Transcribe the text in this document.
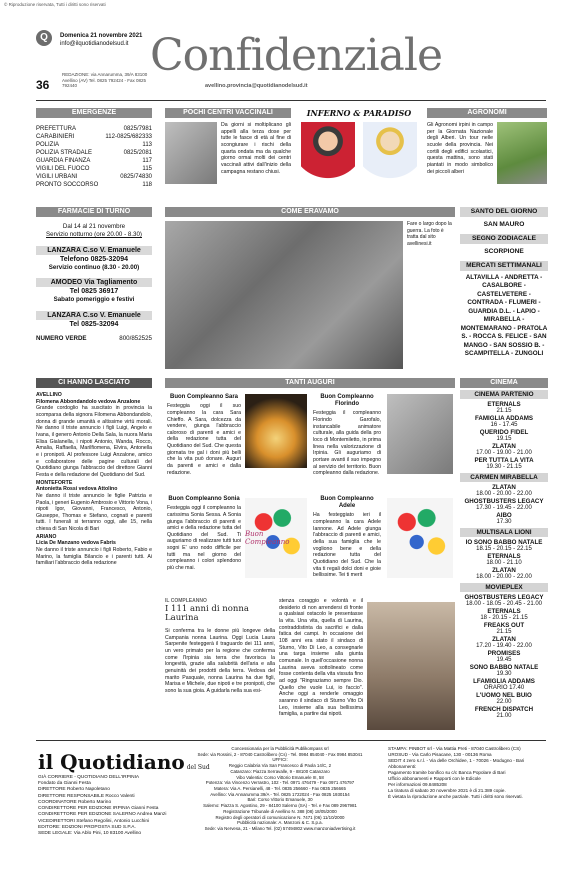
© Riproduzione riservata, Tutti i diritti sono riservati
Q	Domenica 21 novembre 2021
info@ilquotidianodelsud.it
36
Confidenziale
REDAZIONE: via Annarumma, 39/A 83100 Avellino (AV) Tel. 0825 792424 - Fax 0825 792440	avellino.provincia@quotidianodelsud.it
EMERGENZE
PREFETTURA	0825/7981
CARABINIERI	112-0825/682333
POLIZIA	113
POLIZIA STRADALE	0825/2081
GUARDIA FINANZA	117
VIGILI DEL FUOCO	115
VIGILI URBANI	0825/74830
PRONTO SOCCORSO	118
POCHI CENTRI VACCINALI
Da giorni si moltiplicano gli appelli alla terza dose per tutte le fasce di età al fine di scongiurare i rischi della quarta ondata ma da qualche giorno ormai molti dei centri vaccinali attivi dall'inizio della campagna restano chiusi.
INFERNO & PARADISO	AGRONOMI
Gli Agronomi irpini in campo per la Giornata Nazionale degli Alberi. Un tour nelle scuole della provincia. Nei cortili degli edifici scolastici, questa mattina, sono stati piantati in modo simbolico dei piccoli alberi
FARMACIE DI TURNO
Dal 14 al 21 novembre
Servizio notturno (ore 20.00 - 8.30)
LANZARA C.so V. Emanuele
Telefono 0825-32094
Servizio continuo (8.30 - 20.00)
AMODEO Via Tagliamento
Tel 0825 36917
Sabato pomeriggio e festivi
LANZARA C.so V. Emanuele
Tel 0825-32094
NUMERO VERDE	800/852525
COME ERAVAMO
Fare o largo dopo la guerra. La foto è tratta dal sito avellinesi.it
SANTO DEL GIORNO
SAN MAURO
SEGNO ZODIACALE
SCORPIONE
MERCATI SETTIMANALI
ALTAVILLA - ANDRETTA - CASALBORE - CASTELVETERE - CONTRADA - FLUMERI - GUARDIA D.L. - LAPIO - MIRABELLA - MONTEMARANO - PRATOLA S. - ROCCA S. FELICE - SAN MANGO - SAN SOSSIO B. - SCAMPITELLA - ZUNGOLI
CI HANNO LASCIATO
AVELLINO
Filomena Abbondandolo vedova Anzalone
Grande cordoglio ha suscitato in provincia la scomparsa della signora Filomena Abbondandolo, donna di grande umanità e altissime virtù morali. Ne danno il triste annuncio i figli Luigi, Angelo e Ivana, il genero Antonio Della Sala, la nuora Maria Elisa Gialanella, i nipoti Antonio, Wanda, Rocco, Amalia, Raffaella, Marilfiomena, Elvira, Antonella e i pronipoti. Al professore Luigi Anzalone, amico e collaboratore delle pagine culturali del Quotidiano giunga l'abbraccio del direttore Gianni Festa e della redazione del Quotidiano del Sud.
MONTEFORTE
Antonietta Rossi vedova Attolino
Ne danno il triste annuncio le figlie Patrizia e Paola, i generi Eugenio Ambrosio e Vittorio Vona, i nipoti Igor, Giovanni, Francesco, Antonio, Giuseppe, Thomas e Stefano, cognati e parenti tutti. I funerali si terranno oggi, alle 15, nella chiesa di San Nicola di Bari
ARIANO
Licia De Manzano vedova Fabris
Ne danno il triste annuncio i figli Roberto, Fabio e Marino, la famiglia Bilancio e i parenti tutti. Ai familiari l'abbraccio della redazione
TANTI AUGURI
Buon Compleanno Sara
Festeggia oggi il suo compleanno la cara Sara Chieffo. A Sara, dolcezza da vendere, giunga l'abbraccio caloroso di parenti e amici e della redazione tutta del Quotidiano del Sud. Che questa giornata tre gal i doni più belli che la vita può donare. Auguri da parenti e amici e dalla redazione.
Buon Compleanno Florindo
Festeggia il compleanno Florindo Garofalo, instancabile animatore culturale, alla guida della pro loco di Montemiletto, in prima linea nella valorizzazione di Irpinia. Gli auguriamo di portare avanti il suo impegno al servizio del territorio. Buon compleanno dalla redazione.
Buon Compleanno Sonia
Festeggia oggi il compleanno la carissima Sonia Sessa. A Sonia giunga l'abbraccio di parenti e amici e della redazione tutta del Quotidiano del Sud. Ti auguriamo di realizzare tutti tuoi sogni E' uno nodo difficile per tutti ma nel giorno del compleanno i colori splendono più che mai.
Buon Compleanno
Buon Compleanno Adele
Ha festeggiato ieri il compleanno la cara Adele Iannone. Ad Adele giunga l'abbraccio di parenti e amici, della sua famiglia che le vogliono bene e della redazione tutta del Quotidiano del Sud. Che la vita ti regali dolci doni e gioie bellissime. Tei ti merit
IL COMPLEANNO
I 111 anni di nonna Laurina
Si conferma tra le donne più longeve della Campania nonna Laurina. Oggi Lucia Laura Sarpenite festeggerà il traguardo dei 111 anni, un vero primato per la regione che conferma come l'Irpinia sia terra che favorisca la longevità, grazie alla salubrità dell'aria e alla genuinità dei prodotti della terra. Vedova del marito Pasquale, nonna Laurina ha due figli, Marisa e Michele, due nipoti e tre pronipoti, che sono la sua gioia. A guidarla nella sua esi-
stenza coraggio e volontà e il desiderio di non arrendersi di fronte a qualsiasi ostacolo le presentasse la vita. Una vita, quella di Laurina, contraddistinta da sacrifici e dalla fatica dei campi. In occasione dei 108 anni era stato il sindaco di Sturno, Vito Di Leo, a consegnarle una targa insieme alla giunta comunale. In quell'occasione nonna Laurina aveva sottolineato come fosse contenta della vita vissuta fino ad oggi "Ringraziamo sempre Dio. Quello che vuole Lui, io faccio". Anche oggi a renderle omaggio saranno il sindaco di Sturno Vito Di Leo, insieme alla sua bellissima famiglia, a partire dai nipoti.
CINEMA
CINEMA PARTENIO
ETERNALS
21.15
FAMIGLIA ADDAMS
16 - 17.45
QUERIDO FIDEL
19.15
ZLATAN
17.00 - 19.00 - 21.00
PER TUTTA LA VITA
19.30 - 21.15
CARMEN MIRABELLA
ZLATAN
18.00 - 20.00 - 22.00
GHOSTBUSTERS LEGACY
17.30 - 19.45 - 22.00
AIBO
17.30
MULTISALA LIONI
IO SONO BABBO NATALE
18.15 - 20.15 - 22.15
ETERNALS
18.00 - 21.10
ZLATAN
18.00 - 20.00 - 22.00
MOVIEPLEX
GHOSTBUSTERS LEGACY
18.00 - 18.05 - 20.45 - 21.00
ETERNALS
18 - 20.15 - 21.15
FREAKS OUT
21.15
ZLATAN
17.20 - 19.40 - 22.00
PROMISES
19.45
SONO BABBO NATALE
19.30
LFAMIGLIA ADDAMS
ORARIO 17.40
L'UOMO NEL BUIO
22.00
FRENCH DISPATCH
21.00
il Quotidiano del Sud
GIÀ CORRIERE - QUOTIDIANO DELL'IRPINIA
Fondato da Gianni Festa
DIRETTORE Roberto Napoletano
DIRETTORE RESPONSABILE Rocco Valenti
COORDINATORE Roberto Marino
CONDIRETTORE PER EDIZIONE IRPINIA Gianni Festa
CONDIRETTORE PER EDIZIONE SALERNO Andrea Manzi
VICEDIRETTORI Stefano Regolini, Antonio Lucchini
EDITORE: EDIZIONI PROPOSTA SUD S.P.A.
SEDE LEGALE: Via Ablo Pini, 10 83100 Avellino
Concessionaria per la Pubblicità Publikompass srl
Sede: via Rossini, 2 - 87040 Castrolibero (Cs) - Tel. 0984 854040 - Fax 0984 853041
UFFICI:
Reggio Calabria Via San Francesco di Paola 14/C, 2
Catanzaro: Piazza Serravalle, 9 - 88100 Catanzaro
Vibo Valentia: Corso Vittorio Emanuele III, 58
Potenza: Via Vincenzo Verrastro, 102 - Tel. 0971 476479 - Fax 0971 476797
Matera: Via A. Persianelli, 48 - Tel. 0835 256660 - Fax 0835 256665
Avellino: Via Annarumma 39/A - Tel. 0825 1722024 - Fax 0825 1930154
Bari: Corso Vittorio Emanuele, 30
Salerno: Piazza S. Agostino, 29 - 84100 Salerno (SA) - Tel. e Fax 089 2967981
Registrazione Tribunale di Avellino N. 388 (08) 18/05/2000
Registro degli operatori di comunicazione N. 7471 (06) 11/10/2000
Pubblicità nazionale: A. Manzoni & C. S.p.a.
Sede: via Nervesa, 21 - Milano Tel. (02) 57494802 www.manzoniadvertising.it
STAMPA: PINBOT srl - Via Mattia Preti - 87040 Castrolibero (CS)
UROSUD - Via Carlo Pisacane, 130 - 00136 Roma
SEDIT 4 zero s.r.l. - Via delle Orchidee, 1 - 70026 - Modugno - Bari
Abbonamenti:
Pagamento tramite bonifico su c/c Banca Popolare di Bari
Ufficio abbonamenti e Rapporti con le Edicole
Per informazioni 09.8485208
La tiratura di sabato 20 novembre 2021 è di 21.389 copie.
È vietata la riproduzione anche parziale. Tutti i diritti sono riservati.
